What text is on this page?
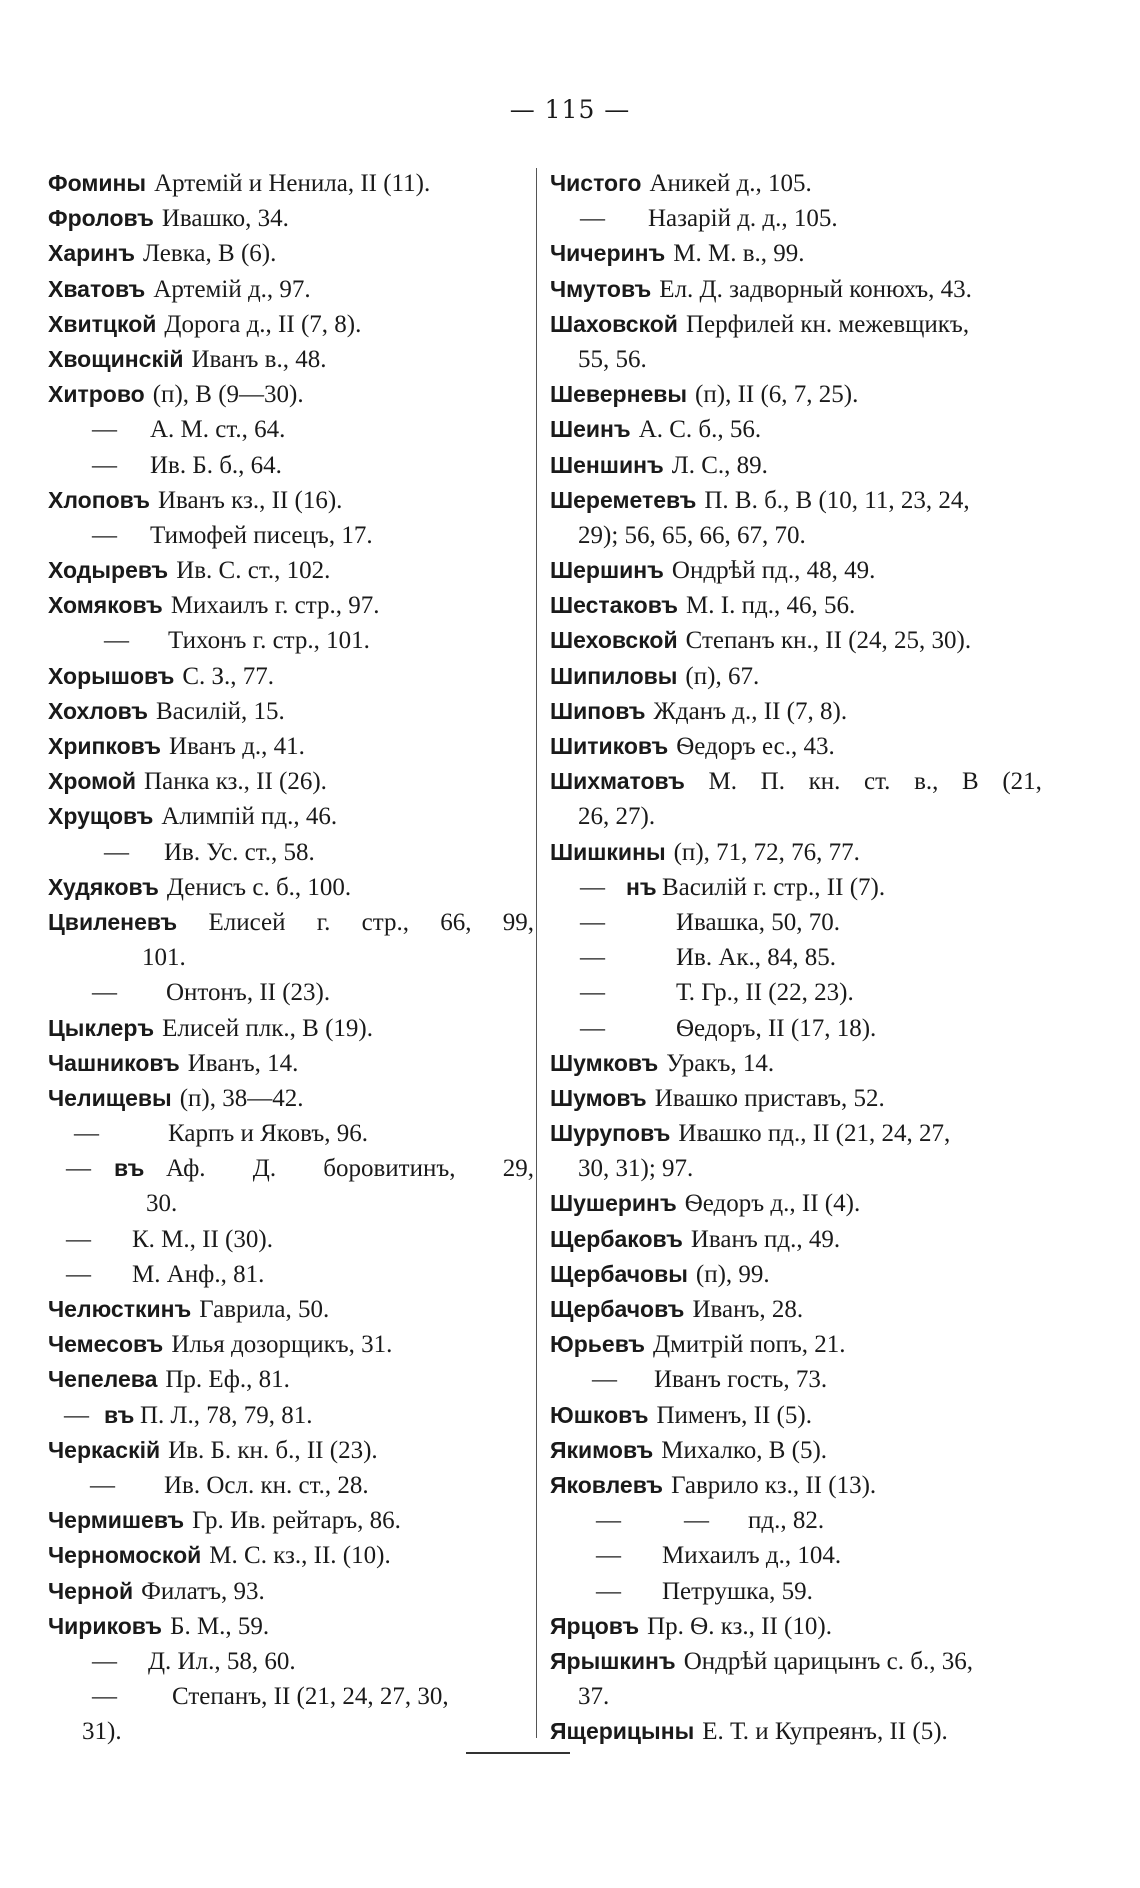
— 115 —
Фомины Артемій и Ненила, II (11).
Фроловъ Ивашко, 34.
Харинъ Левка, В (6).
Хватовъ Артемій д., 97.
Хвитцкой Дорога д., II (7, 8).
Хвощинскій Иванъ в., 48.
Хитрово (п), В (9—30).
— А. М. ст., 64.
— Ив. Б. б., 64.
Хлоповъ Иванъ кз., II (16).
— Тимофей писецъ, 17.
Ходыревъ Ив. С. ст., 102.
Хомяковъ Михаилъ г. стр., 97.
— Тихонъ г. стр., 101.
Хорышовъ С. З., 77.
Хохловъ Василій, 15.
Хрипковъ Иванъ д., 41.
Хромой Панка кз., II (26).
Хрущовъ Алимпій пд., 46.
— Ив. Ус. ст., 58.
Худяковъ Денисъ с. б., 100.
Цвиленевъ Елисей г. стр., 66, 99,
101.
— Онтонъ, II (23).
Цыклеръ Елисей плк., В (19).
Чашниковъ Иванъ, 14.
Челищевы (п), 38—42.
—	Карпъ и Яковъ, 96.
— въ Аф. Д. боровитинъ, 29,
30.
— К. М., II (30).
— М. Анф., 81.
Челюсткинъ Гаврила, 50.
Чемесовъ Илья дозорщикъ, 31.
Чепелева Пр. Еф., 81.
— въ П. Л., 78, 79, 81.
Черкаскій Ив. Б. кн. б., II (23).
— Ив. Осл. кн. ст., 28.
Чермишевъ Гр. Ив. рейтаръ, 86.
Черномоской М. С. кз., II. (10).
Черной Филатъ, 93.
Чириковъ Б. М., 59.
— Д. Ил., 58, 60.
— Степанъ, II (21, 24, 27, 30,
31).
Чистого Аникей д., 105.
— Назарій д. д., 105.
Чичеринъ М. М. в., 99.
Чмутовъ Ел. Д. задворный конюхъ, 43.
Шаховской Перфилей кн. межевщикъ,
55, 56.
Шеверневы (п), II (6, 7, 25).
Шеинъ А. С. б., 56.
Шеншинъ Л. С., 89.
Шереметевъ П. В. б., В (10, 11, 23, 24,
29); 56, 65, 66, 67, 70.
Шершинъ Ондрѣй пд., 48, 49.
Шестаковъ М. I. пд., 46, 56.
Шеховской Степанъ кн., II (24, 25, 30).
Шипиловы (п), 67.
Шиповъ Жданъ д., II (7, 8).
Шитиковъ Ѳедоръ ес., 43.
Шихматовъ М. П. кн. ст. в., В (21,
26, 27).
Шишкины (п), 71, 72, 76, 77.
— нъ Василій г. стр., II (7).
—	Ивашка, 50, 70.
—	Ив. Ак., 84, 85.
—	Т. Гр., II (22, 23).
—	Ѳедоръ, II (17, 18).
Шумковъ Уракъ, 14.
Шумовъ Ивашко приставъ, 52.
Шуруповъ Ивашко пд., II (21, 24, 27,
30, 31); 97.
Шушеринъ Ѳедоръ д., II (4).
Щербаковъ Иванъ пд., 49.
Щербачовы (п), 99.
Щербачовъ Иванъ, 28.
Юрьевъ Дмитрій попъ, 21.
— Иванъ гость, 73.
Юшковъ Пименъ, II (5).
Якимовъ Михалко, В (5).
Яковлевъ Гаврило кз., II (13).
—	— пд., 82.
— Михаилъ д., 104.
— Петрушка, 59.
Ярцовъ Пр. Ѳ. кз., II (10).
Ярышкинъ Ондрѣй царицынъ с. б., 36,
37.
Ящерицыны Е. Т. и Купреянъ, II (5).
